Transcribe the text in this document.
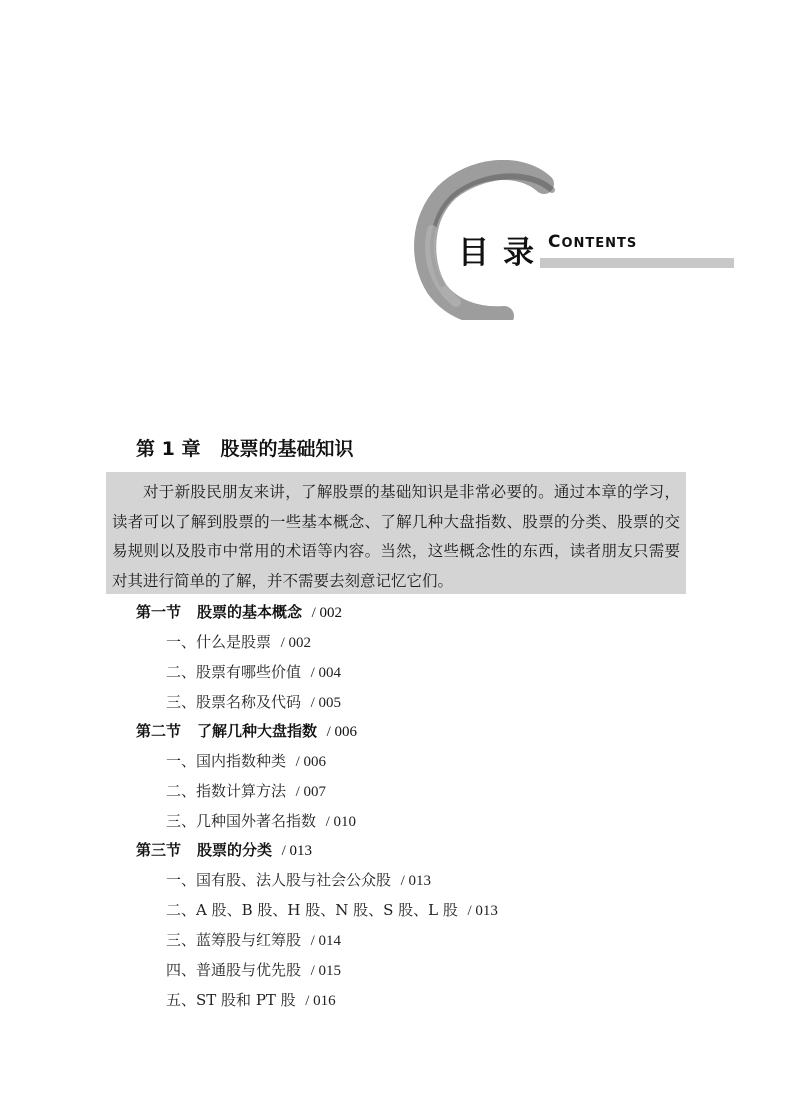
目录 CONTENTS
第 1 章 股票的基础知识

对于新股民朋友来讲，了解股票的基础知识是非常必要的。通过本章的学习，读者可以了解到股票的一些基本概念、了解几种大盘指数、股票的分类、股票的交易规则以及股市中常用的术语等内容。当然，这些概念性的东西，读者朋友只需要对其进行简单的了解，并不需要去刻意记忆它们。

第一节 股票的基本概念 / 002
一、什么是股票 / 002
二、股票有哪些价值 / 004
三、股票名称及代码 / 005
第二节 了解几种大盘指数 / 006
一、国内指数种类 / 006
二、指数计算方法 / 007
三、几种国外著名指数 / 010
第三节 股票的分类 / 013
一、国有股、法人股与社会公众股 / 013
二、A 股、B 股、H 股、N 股、S 股、L 股 / 013
三、蓝筹股与红筹股 / 014
四、普通股与优先股 / 015
五、ST 股和 PT 股 / 016
